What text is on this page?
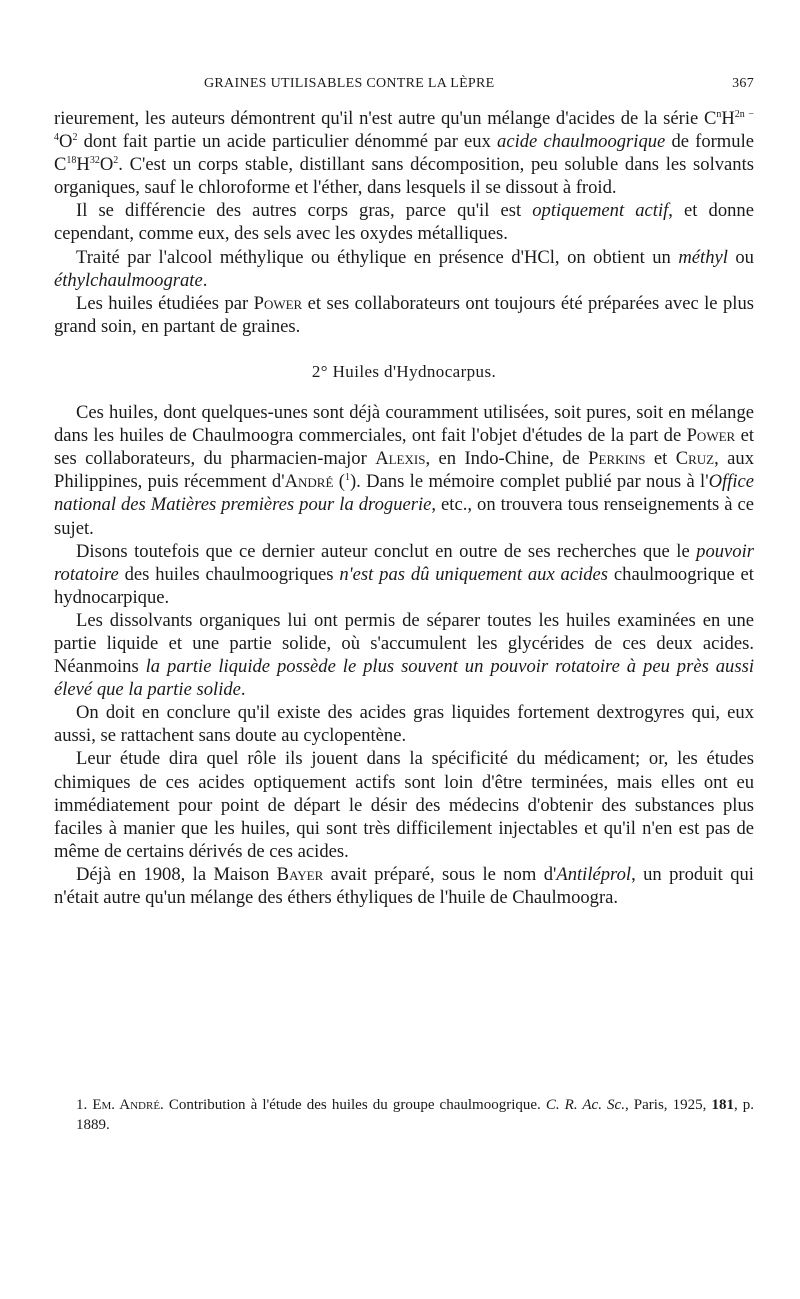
GRAINES UTILISABLES CONTRE LA LÈPRE	367

rieurement, les auteurs démontrent qu'il n'est autre qu'un mélange d'acides de la série $C^nH^{2n - 4}O^2$ dont fait partie un acide particulier dénommé par eux acide chaulmoogrique de formule $C^{18}H^{32}O^2$. C'est un corps stable, distillant sans décomposition, peu soluble dans les solvants organiques, sauf le chloroforme et l'éther, dans lesquels il se dissout à froid.

Il se différencie des autres corps gras, parce qu'il est optiquement actif, et donne cependant, comme eux, des sels avec les oxydes métalliques.

Traité par l'alcool méthylique ou éthylique en présence d'HCl, on obtient un méthyl ou éthylchaulmoograte.

Les huiles étudiées par Power et ses collaborateurs ont toujours été préparées avec le plus grand soin, en partant de graines.

2° Huiles d'Hydnocarpus.

Ces huiles, dont quelques-unes sont déjà couramment utilisées, soit pures, soit en mélange dans les huiles de Chaulmoogra commerciales, ont fait l'objet d'études de la part de Power et ses collaborateurs, du pharmacien-major Alexis, en Indo-Chine, de Perkins et Cruz, aux Philippines, puis récemment d'André ($^1$). Dans le mémoire complet publié par nous à l'Office national des Matières premières pour la droguerie, etc., on trouvera tous renseignements à ce sujet.

Disons toutefois que ce dernier auteur conclut en outre de ses recherches que le pouvoir rotatoire des huiles chaulmoogriques n'est pas dû uniquement aux acides chaulmoogrique et hydnocarpique.

Les dissolvants organiques lui ont permis de séparer toutes les huiles examinées en une partie liquide et une partie solide, où s'accumulent les glycérides de ces deux acides. Néanmoins la partie liquide possède le plus souvent un pouvoir rotatoire à peu près aussi élevé que la partie solide.

On doit en conclure qu'il existe des acides gras liquides fortement dextrogyres qui, eux aussi, se rattachent sans doute au cyclopentène.

Leur étude dira quel rôle ils jouent dans la spécificité du médicament; or, les études chimiques de ces acides optiquement actifs sont loin d'être terminées, mais elles ont eu immédiatement pour point de départ le désir des médecins d'obtenir des substances plus faciles à manier que les huiles, qui sont très difficilement injectables et qu'il n'en est pas de même de certains dérivés de ces acides.

Déjà en 1908, la Maison Bayer avait préparé, sous le nom d'Antiléprol, un produit qui n'était autre qu'un mélange des éthers éthyliques de l'huile de Chaulmoogra.

1. Em. André. Contribution à l'étude des huiles du groupe chaulmoogrique. C. R. Ac. Sc., Paris, 1925, 181, p. 1889.
